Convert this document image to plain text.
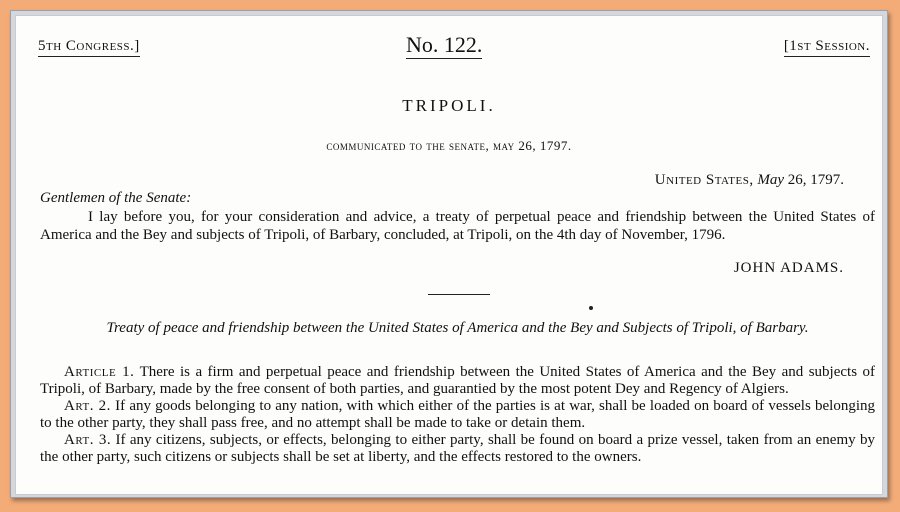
5th Congress.]	No. 122.	[1st Session.
TRIPOLI.
communicated to the senate, may 26, 1797.
United States, May 26, 1797.
Gentlemen of the Senate:
I lay before you, for your consideration and advice, a treaty of perpetual peace and friendship between the United States of America and the Bey and subjects of Tripoli, of Barbary, concluded, at Tripoli, on the 4th day of November, 1796.
JOHN ADAMS.
Treaty of peace and friendship between the United States of America and the Bey and Subjects of Tripoli, of Barbary.

Article 1. There is a firm and perpetual peace and friendship between the United States of America and the Bey and subjects of Tripoli, of Barbary, made by the free consent of both parties, and guarantied by the most potent Dey and Regency of Algiers.

Art. 2. If any goods belonging to any nation, with which either of the parties is at war, shall be loaded on board of vessels belonging to the other party, they shall pass free, and no attempt shall be made to take or detain them.

Art. 3. If any citizens, subjects, or effects, belonging to either party, shall be found on board a prize vessel, taken from an enemy by the other party, such citizens or subjects shall be set at liberty, and the effects restored to the owners.
